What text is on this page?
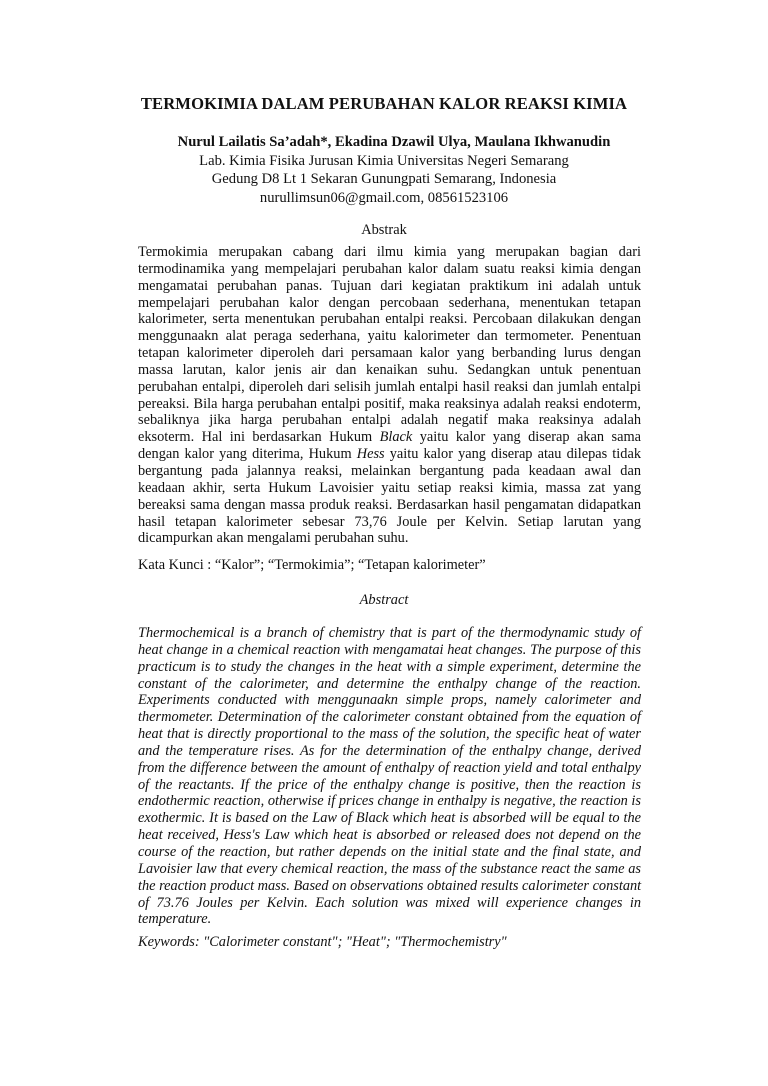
TERMOKIMIA DALAM PERUBAHAN KALOR REAKSI KIMIA
Nurul Lailatis Sa’adah*, Ekadina Dzawil Ulya, Maulana Ikhwanudin
Lab. Kimia Fisika Jurusan Kimia Universitas Negeri Semarang
Gedung D8 Lt 1 Sekaran Gunungpati Semarang, Indonesia
nurullimsun06@gmail.com, 08561523106
Abstrak
Termokimia merupakan cabang dari ilmu kimia yang merupakan bagian dari
termodinamika yang mempelajari perubahan kalor dalam suatu reaksi kimia dengan
mengamatai perubahan panas. Tujuan dari kegiatan praktikum ini adalah untuk
mempelajari perubahan kalor dengan percobaan sederhana, menentukan tetapan
kalorimeter, serta menentukan perubahan entalpi reaksi. Percobaan dilakukan dengan
menggunaakn alat peraga sederhana, yaitu kalorimeter dan termometer. Penentuan
tetapan kalorimeter diperoleh dari persamaan kalor yang berbanding lurus dengan
massa larutan, kalor jenis air dan kenaikan suhu. Sedangkan untuk penentuan
perubahan entalpi, diperoleh dari selisih jumlah entalpi hasil reaksi dan jumlah entalpi
pereaksi. Bila harga perubahan entalpi positif, maka reaksinya adalah reaksi endoterm,
sebaliknya jika harga perubahan entalpi adalah negatif maka reaksinya adalah
eksoterm. Hal ini berdasarkan Hukum Black yaitu kalor yang diserap akan sama
dengan kalor yang diterima, Hukum Hess yaitu kalor yang diserap atau dilepas tidak
bergantung pada jalannya reaksi, melainkan bergantung pada keadaan awal dan
keadaan akhir, serta Hukum Lavoisier yaitu setiap reaksi kimia, massa zat yang
bereaksi sama dengan massa produk reaksi. Berdasarkan hasil pengamatan didapatkan
hasil tetapan kalorimeter sebesar 73,76 Joule per Kelvin. Setiap larutan yang
dicampurkan akan mengalami perubahan suhu.

Kata Kunci : “Kalor”; “Termokimia”; “Tetapan kalorimeter”

Abstract
Thermochemical is a branch of chemistry that is part of the thermodynamic study of
heat change in a chemical reaction with mengamatai heat changes. The purpose of this
practicum is to study the changes in the heat with a simple experiment, determine the
constant of the calorimeter, and determine the enthalpy change of the reaction.
Experiments conducted with menggunaakn simple props, namely calorimeter and
thermometer. Determination of the calorimeter constant obtained from the equation of
heat that is directly proportional to the mass of the solution, the specific heat of water
and the temperature rises. As for the determination of the enthalpy change, derived
from the difference between the amount of enthalpy of reaction yield and total enthalpy
of the reactants. If the price of the enthalpy change is positive, then the reaction is
endothermic reaction, otherwise if prices change in enthalpy is negative, the reaction is
exothermic. It is based on the Law of Black which heat is absorbed will be equal to the
heat received, Hess's Law which heat is absorbed or released does not depend on the
course of the reaction, but rather depends on the initial state and the final state, and
Lavoisier law that every chemical reaction, the mass of the substance react the same as
the reaction product mass. Based on observations obtained results calorimeter constant
of 73.76 Joules per Kelvin. Each solution was mixed will experience changes in
temperature.

Keywords: "Calorimeter constant"; "Heat"; "Thermochemistry"
